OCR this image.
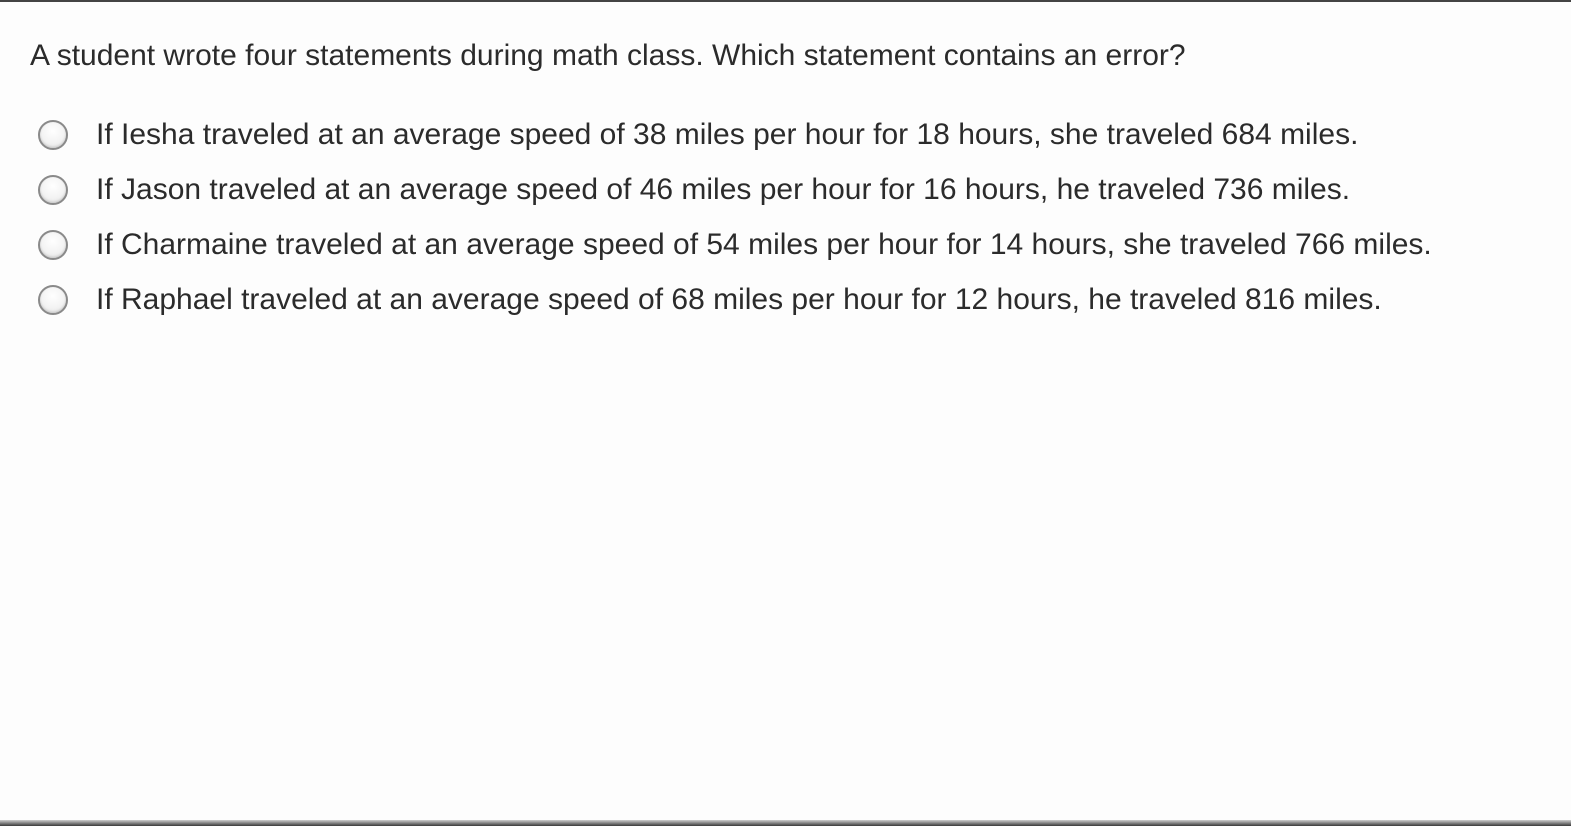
A student wrote four statements during math class. Which statement contains an error?
If Iesha traveled at an average speed of 38 miles per hour for 18 hours, she traveled 684 miles.
If Jason traveled at an average speed of 46 miles per hour for 16 hours, he traveled 736 miles.
If Charmaine traveled at an average speed of 54 miles per hour for 14 hours, she traveled 766 miles.
If Raphael traveled at an average speed of 68 miles per hour for 12 hours, he traveled 816 miles.
